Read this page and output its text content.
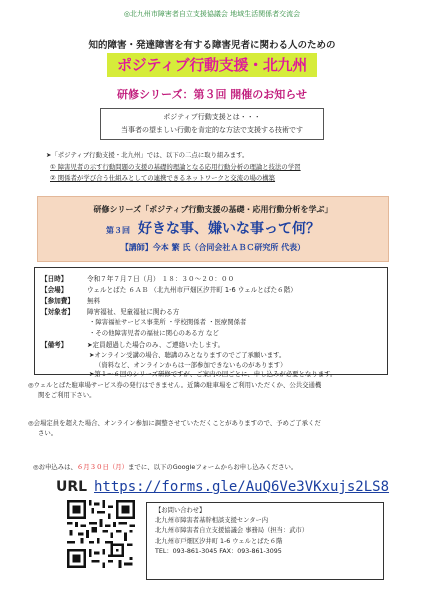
◎北九州市障害者自立支援協議会 地域生活関係者交流会
知的障害・発達障害を有する障害児者に関わる人のための
ポジティブ行動支援・北九州
研修シリーズ：第３回 開催のお知らせ
ポジティブ行動支援とは・・・
当事者の望ましい行動を肯定的な方法で支援する技術です
➤「ポジティブ行動支援・北九州」では、以下の二点に取り組みます。
① 障害児者の示す行動問題の支援の基礎的理論となる応用行動分析の理論と技法の学習
② 関係者が学び合う仕組みとしての連携できるネットワークと交流の場の構築
研修シリーズ「ポジティブ行動支援の基礎・応用行動分析を学ぶ」
第３回 好きな事、嫌いな事って何？
【講師】今本 繁 氏（合同会社ＡＢＣ研究所 代表）
【日時】	令和７年７月７日（月） １８：３０～２０：００
【会場】	ウェルとばた ６ＡＢ （北九州市戸畑区汐井町 1-6 ウェルとばた６階）
【参加費】 無料
【対象者】 障害福祉、児童福祉に関わる方
・障害福祉サービス事業所 ・学校関係者 ・医療関係者
・その他障害児者の福祉に関心のある方 など
【備考】	➤定員超過した場合のみ、ご連絡いたします。
➤オンライン受講の場合、聴講のみとなりますのでご了承願います。
（資料など、オンラインからは一部参加できないものがあります）
➤第１～６回のシリーズ研修ですが、ご案内の回ごとに、申し込みが必要となります。
◎ウェルとばた駐車場サービス券の発行はできません。近隣の駐車場をご利用いただくか、公共交通機
関をご利用下さい。
◎会場定員を超えた場合、オンライン参加に調整させていただくことがありますので、予めご了承くだ
さい。
◎お申込みは、６月３０日（月）までに、以下のGoogleフォームからお申し込みください。
URL https://forms.gle/AuQ6Ve3VKxujs2LS8
【お問い合わせ】
北九州市障害者基幹相談支援センター内
北九州市障害者自立支援協議会 事務局（担当：武市）
北九州市戸畑区汐井町 1-6 ウェルとばた６階
TEL：093-861-3045 FAX：093-861-3095
